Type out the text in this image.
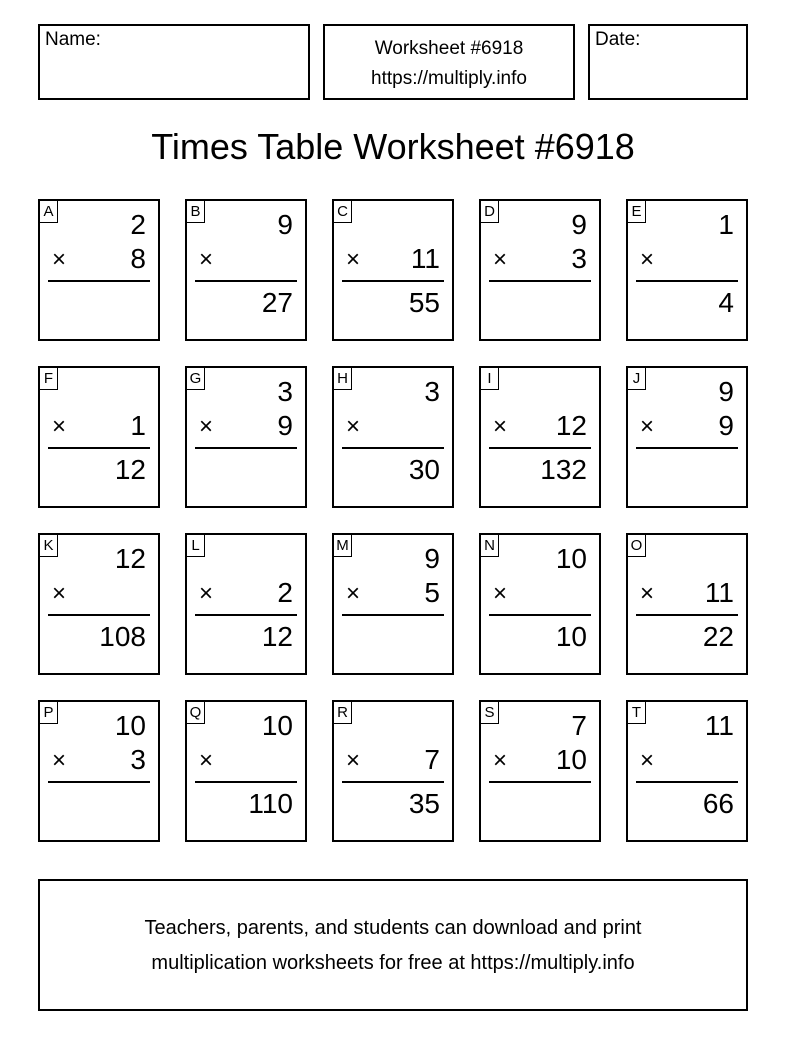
Name:	Worksheet #6918
https://multiply.info
Date:
Times Table Worksheet #6918
A	2
× 8
B	9
×
27
C
× 11
55
D	9
× 3
E	1
×
4
F
× 1
12
G	3
× 9
H	3
×
30
I
× 12
132
J	9
× 9
K 12
×
108
L
× 2
12
M	9
× 5
N 10
×
10
O
× 11
22
P 10
× 3
Q 10
×
110
R
× 7
35
S	7
× 10
T 11
×
66
Teachers, parents, and students can download and print
multiplication worksheets for free at https://multiply.info
